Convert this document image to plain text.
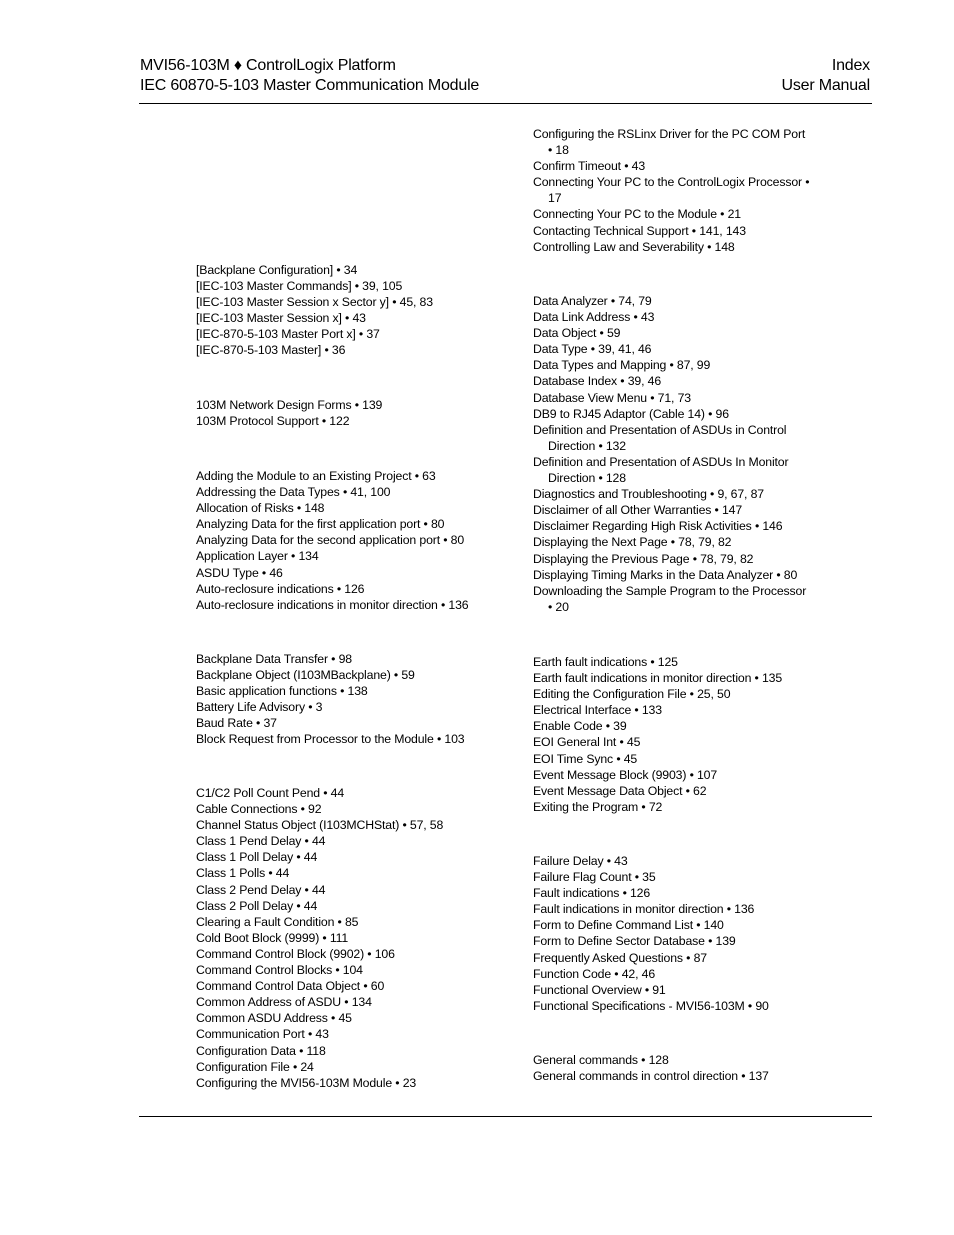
MVI56-103M ♦ ControlLogix Platform
IEC 60870-5-103 Master Communication Module
Index
User Manual
[Backplane Configuration] • 34
[IEC-103 Master Commands] • 39, 105
[IEC-103 Master Session x Sector y] • 45, 83
[IEC-103 Master Session x] • 43
[IEC-870-5-103 Master Port x] • 37
[IEC-870-5-103 Master] • 36
103M Network Design Forms • 139
103M Protocol Support • 122
Adding the Module to an Existing Project • 63
Addressing the Data Types • 41, 100
Allocation of Risks • 148
Analyzing Data for the first application port • 80
Analyzing Data for the second application port • 80
Application Layer • 134
ASDU Type • 46
Auto-reclosure indications • 126
Auto-reclosure indications in monitor direction • 136
Backplane Data Transfer • 98
Backplane Object (I103MBackplane) • 59
Basic application functions • 138
Battery Life Advisory • 3
Baud Rate • 37
Block Request from Processor to the Module • 103
C1/C2 Poll Count Pend • 44
Cable Connections • 92
Channel Status Object (I103MCHStat) • 57, 58
Class 1 Pend Delay • 44
Class 1 Poll Delay • 44
Class 1 Polls • 44
Class 2 Pend Delay • 44
Class 2 Poll Delay • 44
Clearing a Fault Condition • 85
Cold Boot Block (9999) • 111
Command Control Block (9902) • 106
Command Control Blocks • 104
Command Control Data Object • 60
Common Address of ASDU • 134
Common ASDU Address • 45
Communication Port • 43
Configuration Data • 118
Configuration File • 24
Configuring the MVI56-103M Module • 23
Configuring the RSLinx Driver for the PC COM Port • 18
Confirm Timeout • 43
Connecting Your PC to the ControlLogix Processor • 17
Connecting Your PC to the Module • 21
Contacting Technical Support • 141, 143
Controlling Law and Severability • 148
Data Analyzer • 74, 79
Data Link Address • 43
Data Object • 59
Data Type • 39, 41, 46
Data Types and Mapping • 87, 99
Database Index • 39, 46
Database View Menu • 71, 73
DB9 to RJ45 Adaptor (Cable 14) • 96
Definition and Presentation of ASDUs in Control Direction • 132
Definition and Presentation of ASDUs In Monitor Direction • 128
Diagnostics and Troubleshooting • 9, 67, 87
Disclaimer of all Other Warranties • 147
Disclaimer Regarding High Risk Activities • 146
Displaying the Next Page • 78, 79, 82
Displaying the Previous Page • 78, 79, 82
Displaying Timing Marks in the Data Analyzer • 80
Downloading the Sample Program to the Processor • 20
Earth fault indications • 125
Earth fault indications in monitor direction • 135
Editing the Configuration File • 25, 50
Electrical Interface • 133
Enable Code • 39
EOI General Int • 45
EOI Time Sync • 45
Event Message Block (9903) • 107
Event Message Data Object • 62
Exiting the Program • 72
Failure Delay • 43
Failure Flag Count • 35
Fault indications • 126
Fault indications in monitor direction • 136
Form to Define Command List • 140
Form to Define Sector Database • 139
Frequently Asked Questions • 87
Function Code • 42, 46
Functional Overview • 91
Functional Specifications - MVI56-103M • 90
General commands • 128
General commands in control direction • 137
